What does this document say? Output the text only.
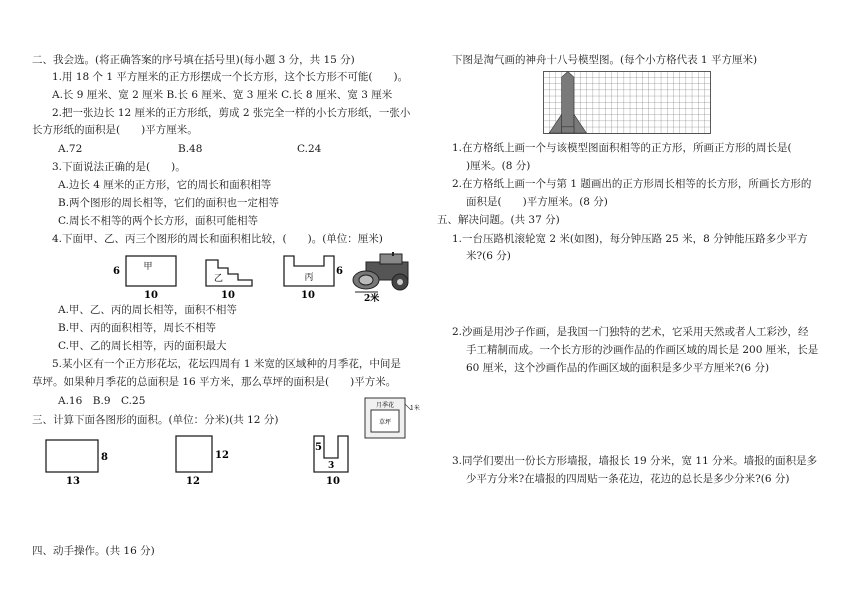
二、我会选。(将正确答案的序号填在括号里)(每小题 3 分，共 15 分)
1.用 18 个 1 平方厘米的正方形摆成一个长方形，这个长方形不可能(　　)。
A.长 9 厘米、宽 2 厘米 B.长 6 厘米、宽 3 厘米 C.长 8 厘米、宽 3 厘米
2.把一张边长 12 厘米的正方形纸，剪成 2 张完全一样的小长方形纸，一张小
长方形纸的面积是(　　)平方厘米。
A.72	B.48	C.24
3.下面说法正确的是(　　)。
A.边长 4 厘米的正方形，它的周长和面积相等
B.两个图形的周长相等，它们的面积也一定相等
C.周长不相等的两个长方形，面积可能相等
4.下面甲、乙、丙三个图形的周长和面积相比较，(　　)。(单位：厘米)
6	甲
10
乙
10
丙
6
10	2米
A.甲、乙、丙的周长相等，面积不相等
B.甲、丙的面积相等，周长不相等
C.甲、乙的周长相等，丙的面积最大
5.某小区有一个正方形花坛，花坛四周有 1 米宽的区域种的月季花，中间是
草坪。如果种月季花的总面积是 16 平方米，那么草坪的面积是(　　)平方米。
A.16　B.9　C.25	月季花
草坪
1米
三、计算下面各图形的面积。(单位：分米)(共 12 分)
8
13
12
12
5
3
10
四、动手操作。(共 16 分)
下图是淘气画的神舟十八号模型图。(每个小方格代表 1 平方厘米)
1.在方格纸上画一个与该模型图面积相等的正方形，所画正方形的周长是(
)厘米。(8 分)
2.在方格纸上画一个与第 1 题画出的正方形周长相等的长方形，所画长方形的
面积是(　　)平方厘米。(8 分)
五、解决问题。(共 37 分)
1.一台压路机滚轮宽 2 米(如图)，每分钟压路 25 米，8 分钟能压路多少平方
米?(6 分)
2.沙画是用沙子作画，是我国一门独特的艺术，它采用天然或者人工彩沙，经
手工精制而成。一个长方形的沙画作品的作画区域的周长是 200 厘米，长是
60 厘米，这个沙画作品的作画区域的面积是多少平方厘米?(6 分)
3.同学们要出一份长方形墙报，墙报长 19 分米，宽 11 分米。墙报的面积是多
少平方分米?在墙报的四周贴一条花边，花边的总长是多少分米?(6 分)
